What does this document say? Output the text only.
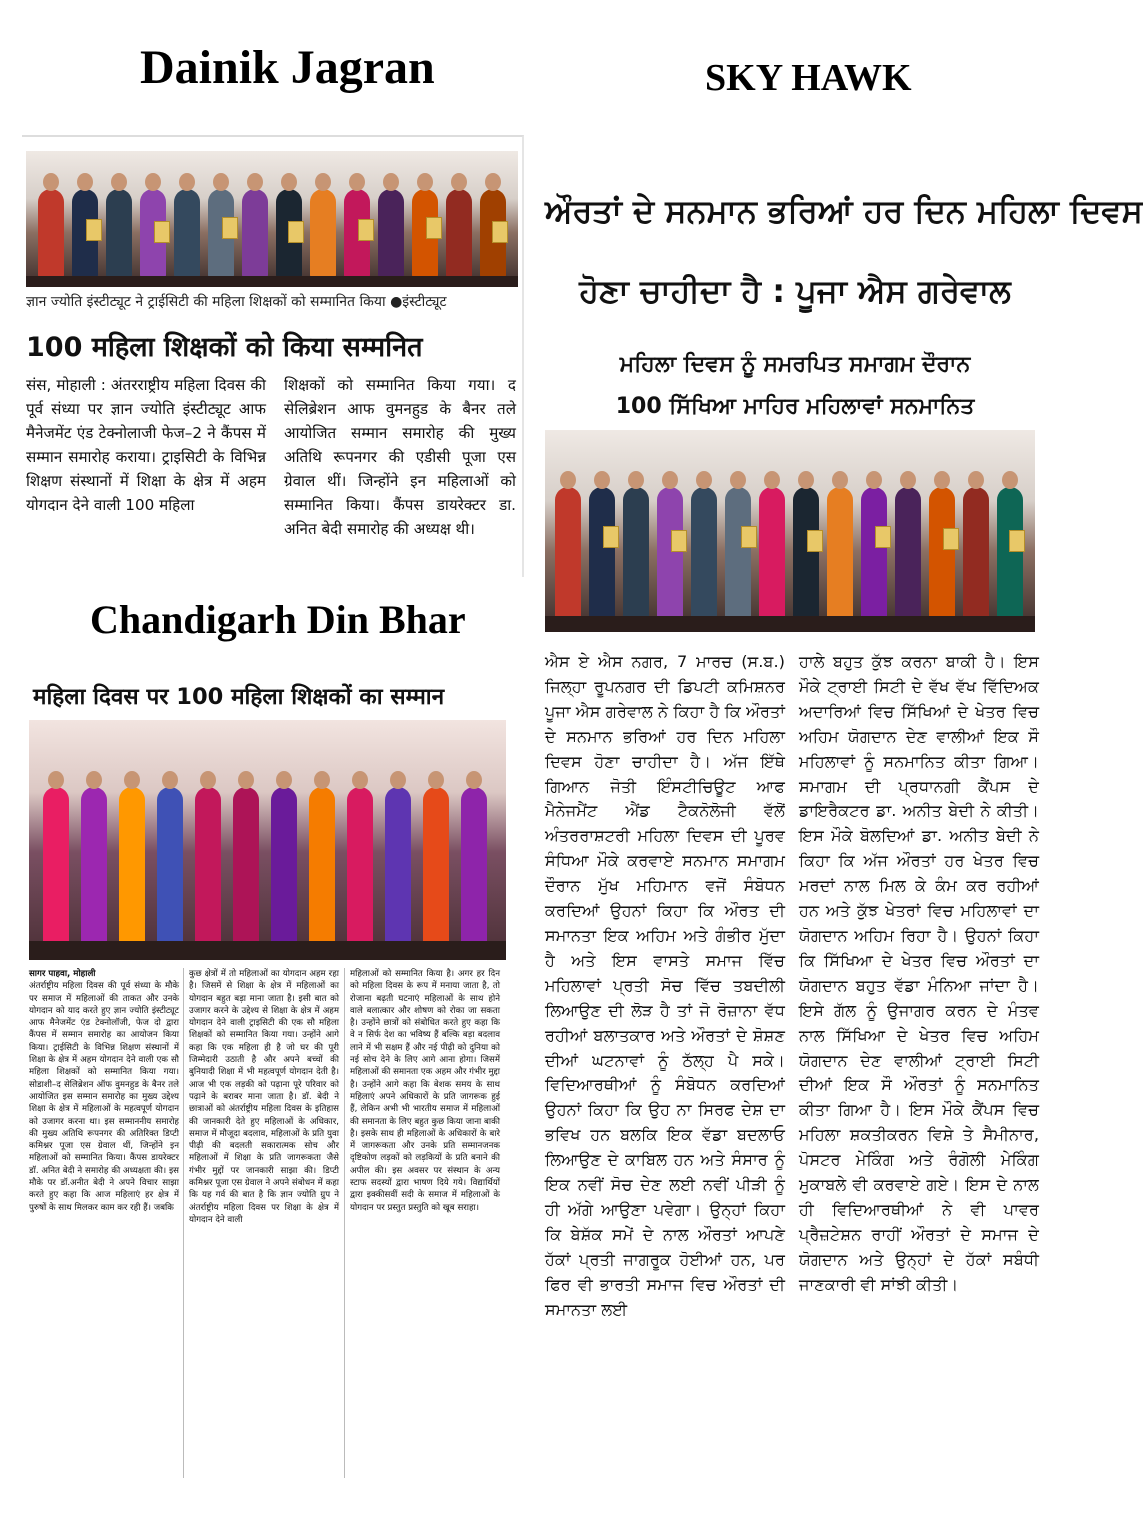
Dainik Jagran	SKY HAWK
Chandigarh Din Bhar
ज्ञान ज्योति इंस्टीट्यूट ने ट्राईसिटी की महिला शिक्षकों को सम्मानित किया ●इंस्टीट्यूट
100 महिला शिक्षकों को किया सम्मनित

संस, मोहाली : अंतरराष्ट्रीय महिला दिवस की पूर्व संध्या पर ज्ञान ज्योति इंस्टीट्यूट आफ मैनेजमेंट एंड टेक्नोलाजी फेज–2 ने कैंपस में सम्मान समारोह कराया। ट्राइसिटी के विभिन्न शिक्षण संस्थानों में शिक्षा के क्षेत्र में अहम योगदान देने वाली 100 महिला

शिक्षकों को सम्मानित किया गया। द सेलिब्रेशन आफ वुमनहुड के बैनर तले आयोजित सम्मान समारोह की मुख्य अतिथि रूपनगर की एडीसी पूजा एस ग्रेवाल थीं। जिन्होंने इन महिलाओं को सम्मानित किया। कैंपस डायरेक्टर डा. अनित बेदी समारोह की अध्यक्ष थी।

ਔਰਤਾਂ ਦੇ ਸਨਮਾਨ ਭਰਿਆਂ ਹਰ ਦਿਨ ਮਹਿਲਾ ਦਿਵਸ
ਹੋਣਾ ਚਾਹੀਦਾ ਹੈ : ਪੂਜਾ ਐਸ ਗਰੇਵਾਲ
ਮਹਿਲਾ ਦਿਵਸ ਨੂੰ ਸਮਰਪਿਤ ਸਮਾਗਮ ਦੌਰਾਨ
100 ਸਿੱਖਿਆ ਮਾਹਿਰ ਮਹਿਲਾਵਾਂ ਸਨਮਾਨਿਤ

ਐਸ ਏ ਐਸ ਨਗਰ, 7 ਮਾਰਚ (ਸ.ਬ.) ਜਿਲ੍ਹਾ ਰੂਪਨਗਰ ਦੀ ਡਿਪਟੀ ਕਮਿਸ਼ਨਰ ਪੂਜਾ ਐਸ ਗਰੇਵਾਲ ਨੇ ਕਿਹਾ ਹੈ ਕਿ ਔਰਤਾਂ ਦੇ ਸਨਮਾਨ ਭਰਿਆਂ ਹਰ ਦਿਨ ਮਹਿਲਾ ਦਿਵਸ ਹੋਣਾ ਚਾਹੀਦਾ ਹੈ। ਅੱਜ ਇੱਥੇ ਗਿਆਨ ਜੋਤੀ ਇੰਸਟੀਚਿਊਟ ਆਫ ਮੈਨੇਜਮੈਂਟ ਐਂਡ ਟੈਕਨੋਲੋਜੀ ਵੱਲੋਂ ਅੰਤਰਰਾਸ਼ਟਰੀ ਮਹਿਲਾ ਦਿਵਸ ਦੀ ਪੂਰਵ ਸੰਧਿਆ ਮੌਕੇ ਕਰਵਾਏ ਸਨਮਾਨ ਸਮਾਗਮ ਦੌਰਾਨ ਮੁੱਖ ਮਹਿਮਾਨ ਵਜੋਂ ਸੰਬੋਧਨ ਕਰਦਿਆਂ ਉਹਨਾਂ ਕਿਹਾ ਕਿ ਔਰਤ ਦੀ ਸਮਾਨਤਾ ਇਕ ਅਹਿਮ ਅਤੇ ਗੰਭੀਰ ਮੁੱਦਾ ਹੈ ਅਤੇ ਇਸ ਵਾਸਤੇ ਸਮਾਜ ਵਿੱਚ ਮਹਿਲਾਵਾਂ ਪ੍ਰਤੀ ਸੋਚ ਵਿੱਚ ਤਬਦੀਲੀ ਲਿਆਉਣ ਦੀ ਲੋੜ ਹੈ ਤਾਂ ਜੋ ਰੋਜ਼ਾਨਾ ਵੱਧ ਰਹੀਆਂ ਬਲਾਤਕਾਰ ਅਤੇ ਔਰਤਾਂ ਦੇ ਸ਼ੋਸ਼ਣ ਦੀਆਂ ਘਟਨਾਵਾਂ ਨੂੰ ਠੱਲ੍ਹ ਪੈ ਸਕੇ। ਵਿਦਿਆਰਥੀਆਂ ਨੂੰ ਸੰਬੋਧਨ ਕਰਦਿਆਂ ਉਹਨਾਂ ਕਿਹਾ ਕਿ ਉਹ ਨਾ ਸਿਰਫ ਦੇਸ਼ ਦਾ ਭਵਿਖ ਹਨ ਬਲਕਿ ਇਕ ਵੱਡਾ ਬਦਲਾਓ ਲਿਆਉਣ ਦੇ ਕਾਬਿਲ ਹਨ ਅਤੇ ਸੰਸਾਰ ਨੂੰ ਇਕ ਨਵੀਂ ਸੋਚ ਦੇਣ ਲਈ ਨਵੀਂ ਪੀੜੀ ਨੂੰ ਹੀ ਅੱਗੇ ਆਉਣਾ ਪਵੇਗਾ। ਉਨ੍ਹਾਂ ਕਿਹਾ ਕਿ ਬੇਸ਼ੱਕ ਸਮੇਂ ਦੇ ਨਾਲ ਔਰਤਾਂ ਆਪਣੇ ਹੱਕਾਂ ਪ੍ਰਤੀ ਜਾਗਰੂਕ ਹੋਈਆਂ ਹਨ, ਪਰ ਫਿਰ ਵੀ ਭਾਰਤੀ ਸਮਾਜ ਵਿਚ ਔਰਤਾਂ ਦੀ ਸਮਾਨਤਾ ਲਈ

ਹਾਲੇ ਬਹੁਤ ਕੁੱਝ ਕਰਨਾ ਬਾਕੀ ਹੈ। ਇਸ ਮੌਕੇ ਟ੍ਰਾਈ ਸਿਟੀ ਦੇ ਵੱਖ ਵੱਖ ਵਿੱਦਿਅਕ ਅਦਾਰਿਆਂ ਵਿਚ ਸਿੱਖਿਆਂ ਦੇ ਖੇਤਰ ਵਿਚ ਅਹਿਮ ਯੋਗਦਾਨ ਦੇਣ ਵਾਲੀਆਂ ਇਕ ਸੌ ਮਹਿਲਾਵਾਂ ਨੂੰ ਸਨਮਾਨਿਤ ਕੀਤਾ ਗਿਆ। ਸਮਾਗਮ ਦੀ ਪ੍ਰਧਾਨਗੀ ਕੈਂਪਸ ਦੇ ਡਾਇਰੈਕਟਰ ਡਾ. ਅਨੀਤ ਬੇਦੀ ਨੇ ਕੀਤੀ। ਇਸ ਮੌਕੇ ਬੋਲਦਿਆਂ ਡਾ. ਅਨੀਤ ਬੇਦੀ ਨੇ ਕਿਹਾ ਕਿ ਅੱਜ ਔਰਤਾਂ ਹਰ ਖੇਤਰ ਵਿਚ ਮਰਦਾਂ ਨਾਲ ਮਿਲ ਕੇ ਕੰਮ ਕਰ ਰਹੀਆਂ ਹਨ ਅਤੇ ਕੁੱਝ ਖੇਤਰਾਂ ਵਿਚ ਮਹਿਲਾਵਾਂ ਦਾ ਯੋਗਦਾਨ ਅਹਿਮ ਰਿਹਾ ਹੈ। ਉਹਨਾਂ ਕਿਹਾ ਕਿ ਸਿੱਖਿਆ ਦੇ ਖੇਤਰ ਵਿਚ ਔਰਤਾਂ ਦਾ ਯੋਗਦਾਨ ਬਹੁਤ ਵੱਡਾ ਮੰਨਿਆ ਜਾਂਦਾ ਹੈ। ਇਸੇ ਗੱਲ ਨੂੰ ਉਜਾਗਰ ਕਰਨ ਦੇ ਮੰਤਵ ਨਾਲ ਸਿੱਖਿਆ ਦੇ ਖੇਤਰ ਵਿਚ ਅਹਿਮ ਯੋਗਦਾਨ ਦੇਣ ਵਾਲੀਆਂ ਟ੍ਰਾਈ ਸਿਟੀ ਦੀਆਂ ਇਕ ਸੌ ਔਰਤਾਂ ਨੂੰ ਸਨਮਾਨਿਤ ਕੀਤਾ ਗਿਆ ਹੈ। ਇਸ ਮੌਕੇ ਕੈਂਪਸ ਵਿਚ ਮਹਿਲਾ ਸ਼ਕਤੀਕਰਨ ਵਿਸ਼ੇ ਤੇ ਸੈਮੀਨਾਰ, ਪੋਸਟਰ ਮੇਕਿੰਗ ਅਤੇ ਰੰਗੋਲੀ ਮੇਕਿੰਗ ਮੁਕਾਬਲੇ ਵੀ ਕਰਵਾਏ ਗਏ। ਇਸ ਦੇ ਨਾਲ ਹੀ ਵਿਦਿਆਰਥੀਆਂ ਨੇ ਵੀ ਪਾਵਰ ਪ੍ਰੈਜ਼ਟੇਸ਼ਨ ਰਾਹੀਂ ਔਰਤਾਂ ਦੇ ਸਮਾਜ ਦੇ ਯੋਗਦਾਨ ਅਤੇ ਉਨ੍ਹਾਂ ਦੇ ਹੱਕਾਂ ਸਬੰਧੀ ਜਾਣਕਾਰੀ ਵੀ ਸਾਂਝੀ ਕੀਤੀ।

महिला दिवस पर 100 महिला शिक्षकों का सम्मान

सागर पाहवा, मोहाली
अंतर्राष्ट्रीय महिला दिवस की पूर्व संध्या के मौके पर समाज में महिलाओं की ताकत और उनके योगदान को याद करते हुए ज्ञान ज्योति इंस्टीट्यूट आफ मैनेजमेंट एंड टेक्नोलॉजी, फेज दो द्वारा कैंपस में सम्मान समारोह का आयोजन किया किया। ट्राईसिटी के विभिन्न शिक्षण संस्थानों में शिक्षा के क्षेत्र में अहम योगदान देने वाली एक सौ महिला शिक्षकों को सम्मानित किया गया। सोडाशी–द सेलिब्रेशन ऑफ वुमनहुड के बैनर तले आयोजित इस सम्मान समारोह का मुख्य उद्देश्य शिक्षा के क्षेत्र में महिलाओं के महत्वपूर्ण योगदान को उजागर करना था। इस सम्माननीय समारोह की मुख्य अतिथि रूपनगर की अतिरिक्त डिप्टी कमिश्नर पूजा एस ग्रेवाल थीं, जिन्होंने इन महिलाओं को सम्मानित किया। कैंपस डायरेक्टर डॉ. अनित बेदी ने समारोह की अध्यक्षता की। इस मौके पर डॉ.अनीत बेदी ने अपने विचार साझा करते हुए कहा कि आज महिलाएं हर क्षेत्र में पुरुषों के साथ मिलकर काम कर रही हैं। जबकि

कुछ क्षेत्रों में तो महिलाओं का योगदान अहम रहा है। जिसमें से शिक्षा के क्षेत्र में महिलाओं का योगदान बहुत बड़ा माना जाता है। इसी बात को उजागर करने के उद्देश्य से शिक्षा के क्षेत्र में अहम योगदान देने वाली ट्राइसिटी की एक सौ महिला शिक्षकों को सम्मानित किया गया। उन्होंने आगे कहा कि एक महिला ही है जो घर की पूरी जिम्मेदारी उठाती है और अपने बच्चों की बुनियादी शिक्षा में भी महत्वपूर्ण योगदान देती है। आज भी एक लड़की को पढ़ाना पूरे परिवार को पढ़ाने के बराबर माना जाता है। डॉ. बेदी ने छात्राओं को अंतर्राष्ट्रीय महिला दिवस के इतिहास की जानकारी देते हुए महिलाओं के अधिकार, समाज में मौजूदा बदलाव, महिलाओं के प्रति युवा पीढ़ी की बदलती सकारात्मक सोच और महिलाओं में शिक्षा के प्रति जागरूकता जैसे गंभीर मुद्दों पर जानकारी साझा की। डिप्टी कमिश्नर पूजा एस ग्रेवाल ने अपने संबोधन में कहा कि यह गर्व की बात है कि ज्ञान ज्योति ग्रुप ने अंतर्राष्ट्रीय महिला दिवस पर शिक्षा के क्षेत्र में योगदान देने वाली

महिलाओं को सम्मानित किया है। अगर हर दिन को महिला दिवस के रूप में मनाया जाता है, तो रोजाना बढ़ती घटनाएं महिलाओं के साथ होने वाले बलात्कार और शोषण को रोका जा सकता है। उन्होंने छात्रों को संबोधित करते हुए कहा कि वे न सिर्फ देश का भविष्य हैं बल्कि बड़ा बदलाव लाने में भी सक्षम हैं और नई पीढ़ी को दुनिया को नई सोच देने के लिए आगे आना होगा। जिसमें महिलाओं की समानता एक अहम और गंभीर मुद्दा है। उन्होंने आगे कहा कि बेशक समय के साथ महिलाएं अपने अधिकारों के प्रति जागरूक हुई हैं, लेकिन अभी भी भारतीय समाज में महिलाओं की समानता के लिए बहुत कुछ किया जाना बाकी है। इसके साथ ही महिलाओं के अधिकारों के बारे में जागरूकता और उनके प्रति सम्मानजनक दृष्टिकोण लड़कों को लड़कियों के प्रति बनाने की अपील की। इस अवसर पर संस्थान के अन्य स्टाफ सदस्यों द्वारा भाषण दिये गये। विद्यार्थियों द्वारा इक्कीसवीं सदी के समाज में महिलाओं के योगदान पर प्रस्तुत प्रस्तुति को खूब सराहा।
